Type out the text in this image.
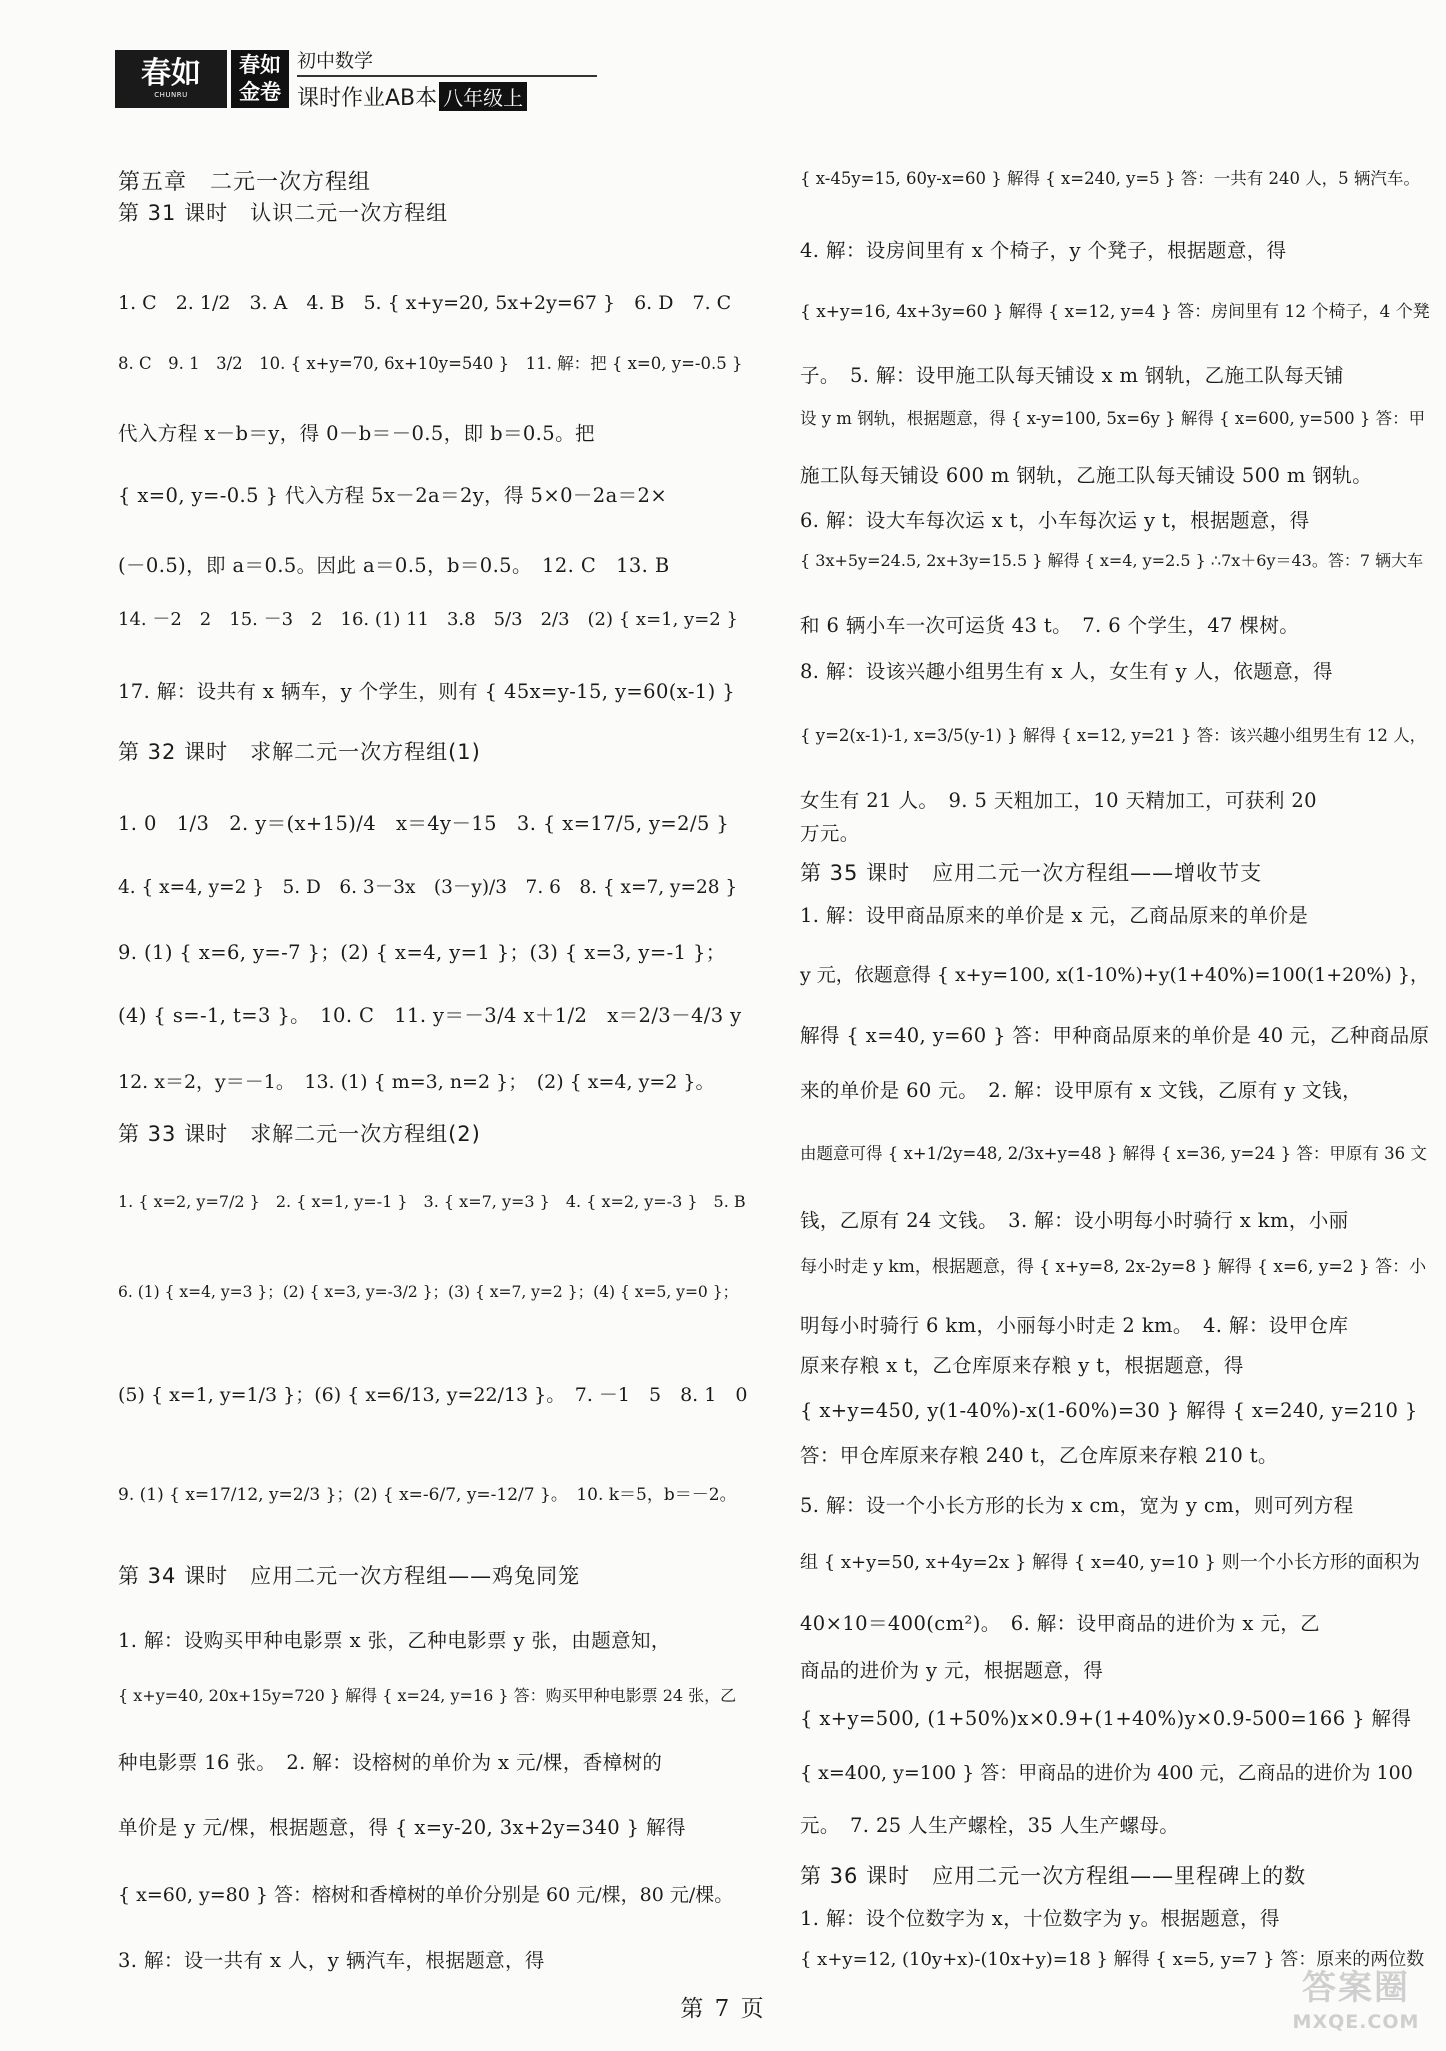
春如
CHUNRU
春如
金卷
初中数学
课时作业AB本 八年级上
第五章　二元一次方程组
第 31 课时　认识二元一次方程组
1. C　2. 1/2　3. A　4. B　5. { x+y=20, 5x+2y=67 }　6. D　7. C
8. C　9. 1　3/2　10. { x+y=70, 6x+10y=540 }　11. 解：把 { x=0, y=-0.5 }
代入方程 x－b＝y，得 0－b＝－0.5，即 b＝0.5。把
{ x=0, y=-0.5 } 代入方程 5x－2a＝2y，得 5×0－2a＝2×
(－0.5)，即 a＝0.5。因此 a＝0.5，b＝0.5。　12. C　13. B
14. －2　2　15. －3　2　16. (1) 11　3.8　5/3　2/3　(2) { x=1, y=2 }
17. 解：设共有 x 辆车，y 个学生，则有 { 45x=y-15, y=60(x-1) }
第 32 课时　求解二元一次方程组(1)
1. 0　1/3　2. y＝(x+15)/4　x＝4y－15　3. { x=17/5, y=2/5 }
4. { x=4, y=2 }　5. D　6. 3－3x　(3－y)/3　7. 6　8. { x=7, y=28 }
9. (1) { x=6, y=-7 }；(2) { x=4, y=1 }；(3) { x=3, y=-1 }；
(4) { s=-1, t=3 }。　10. C　11. y＝－3/4 x＋1/2　x＝2/3－4/3 y
12. x＝2，y＝－1。　13. (1) { m=3, n=2 }；　(2) { x=4, y=2 }。
第 33 课时　求解二元一次方程组(2)
1. { x=2, y=7/2 }　2. { x=1, y=-1 }　3. { x=7, y=3 }　4. { x=2, y=-3 }　5. B
6. (1) { x=4, y=3 }；(2) { x=3, y=-3/2 }；(3) { x=7, y=2 }；(4) { x=5, y=0 }；
(5) { x=1, y=1/3 }；(6) { x=6/13, y=22/13 }。　7. －1　5　8. 1　0
9. (1) { x=17/12, y=2/3 }；(2) { x=-6/7, y=-12/7 }。　10. k＝5，b＝－2。
第 34 课时　应用二元一次方程组——鸡兔同笼
1. 解：设购买甲种电影票 x 张，乙种电影票 y 张，由题意知，
{ x+y=40, 20x+15y=720 } 解得 { x=24, y=16 } 答：购买甲种电影票 24 张，乙
种电影票 16 张。　2. 解：设榕树的单价为 x 元/棵，香樟树的
单价是 y 元/棵，根据题意，得 { x=y-20, 3x+2y=340 } 解得
{ x=60, y=80 } 答：榕树和香樟树的单价分别是 60 元/棵，80 元/棵。
3. 解：设一共有 x 人，y 辆汽车，根据题意，得
{ x-45y=15, 60y-x=60 } 解得 { x=240, y=5 } 答：一共有 240 人，5 辆汽车。
4. 解：设房间里有 x 个椅子，y 个凳子，根据题意，得
{ x+y=16, 4x+3y=60 } 解得 { x=12, y=4 } 答：房间里有 12 个椅子，4 个凳
子。　5. 解：设甲施工队每天铺设 x m 钢轨，乙施工队每天铺
设 y m 钢轨，根据题意，得 { x-y=100, 5x=6y } 解得 { x=600, y=500 } 答：甲
施工队每天铺设 600 m 钢轨，乙施工队每天铺设 500 m 钢轨。
6. 解：设大车每次运 x t，小车每次运 y t，根据题意，得
{ 3x+5y=24.5, 2x+3y=15.5 } 解得 { x=4, y=2.5 } ∴7x＋6y＝43。答：7 辆大车
和 6 辆小车一次可运货 43 t。　7. 6 个学生，47 棵树。
8. 解：设该兴趣小组男生有 x 人，女生有 y 人，依题意，得
{ y=2(x-1)-1, x=3/5(y-1) } 解得 { x=12, y=21 } 答：该兴趣小组男生有 12 人，
女生有 21 人。　9. 5 天粗加工，10 天精加工，可获利 20
万元。
第 35 课时　应用二元一次方程组——增收节支
1. 解：设甲商品原来的单价是 x 元，乙商品原来的单价是
y 元，依题意得 { x+y=100, x(1-10%)+y(1+40%)=100(1+20%) }，
解得 { x=40, y=60 } 答：甲种商品原来的单价是 40 元，乙种商品原
来的单价是 60 元。　2. 解：设甲原有 x 文钱，乙原有 y 文钱，
由题意可得 { x+1/2y=48, 2/3x+y=48 } 解得 { x=36, y=24 } 答：甲原有 36 文
钱，乙原有 24 文钱。　3. 解：设小明每小时骑行 x km，小丽
每小时走 y km，根据题意，得 { x+y=8, 2x-2y=8 } 解得 { x=6, y=2 } 答：小
明每小时骑行 6 km，小丽每小时走 2 km。　4. 解：设甲仓库
原来存粮 x t，乙仓库原来存粮 y t，根据题意，得
{ x+y=450, y(1-40%)-x(1-60%)=30 } 解得 { x=240, y=210 }
答：甲仓库原来存粮 240 t，乙仓库原来存粮 210 t。
5. 解：设一个小长方形的长为 x cm，宽为 y cm，则可列方程
组 { x+y=50, x+4y=2x } 解得 { x=40, y=10 } 则一个小长方形的面积为
40×10＝400(cm²)。　6. 解：设甲商品的进价为 x 元，乙
商品的进价为 y 元，根据题意，得
{ x+y=500, (1+50%)x×0.9+(1+40%)y×0.9-500=166 } 解得
{ x=400, y=100 } 答：甲商品的进价为 400 元，乙商品的进价为 100
元。　7. 25 人生产螺栓，35 人生产螺母。
第 36 课时　应用二元一次方程组——里程碑上的数
1. 解：设个位数字为 x，十位数字为 y。根据题意，得
{ x+y=12, (10y+x)-(10x+y)=18 } 解得 { x=5, y=7 } 答：原来的两位数
第 7 页
答案圈
MXQE.COM
